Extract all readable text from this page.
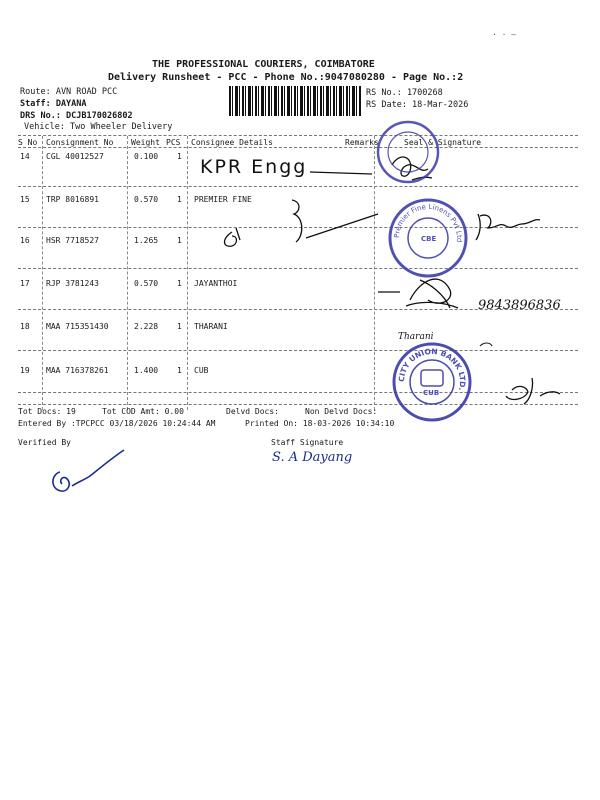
· · –
THE PROFESSIONAL COURIERS, COIMBATORE
Delivery Runsheet - PCC - Phone No.:9047080280 - Page No.:2
Route: AVN ROAD PCC
Staff: DAYANA
DRS No.: DCJB170026802
Vehicle: Two Wheeler Delivery
RS No.: 1700268
RS Date: 18-Mar-2026
S No Consignment No Weight PCS Consignee Details	Remarks	Seal & Signature
14 CGL 40012527	0.100 1
15 TRP 8016891	0.570 1 PREMIER FINE
16 HSR 7718527	1.265 1
17 RJP 3781243	0.570 1 JAYANTHOI
18 MAA 715351430	2.228 1 THARANI
19 MAA 716378261	1.400 1 CUB
KPR Engg
9843896836
Tharani
Premier Fine Linens Pvt Ltd
CBE
CITY UNION BANK LTD.
CUB
Tot Docs: 19	Tot COD Amt: 0.00	Delvd Docs:	Non Delvd Docs:
Entered By :TPCPCC 03/18/2026 10:24:44 AM	Printed On: 18-03-2026 10:34:10
Verified By	Staff Signature
S. A Dayang
